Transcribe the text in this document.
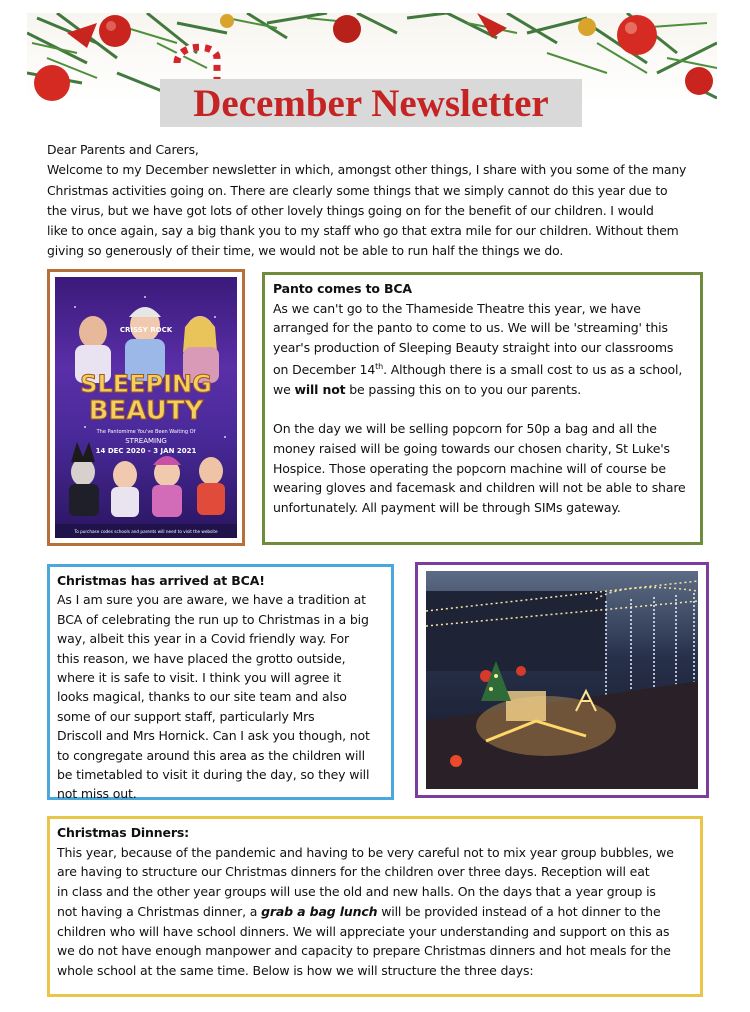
December Newsletter

Dear Parents and Carers,

Welcome to my December newsletter in which, amongst other things, I share with you some of the many

Christmas activities going on. There are clearly some things that we simply cannot do this year due to

the virus, but we have got lots of other lovely things going on for the benefit of our children. I would

like to once again, say a big thank you to my staff who go that extra mile for our children. Without them

giving so generously of their time, we would not be able to run half the things we do.

SLEEPING
BEAUTY
CRISSY ROCK
The Pantomime You've Been Waiting Of
STREAMING
14 DEC 2020 - 3 JAN 2021
To purchase codes schools and parents will need to visit the website
Panto comes to BCA
As we can't go to the Thameside Theatre this year, we have
arranged for the panto to come to us. We will be 'streaming' this
year's production of Sleeping Beauty straight into our classrooms
on December 14th. Although there is a small cost to us as a school,
we will not be passing this on to you our parents.
On the day we will be selling popcorn for 50p a bag and all the
money raised will be going towards our chosen charity, St Luke's
Hospice. Those operating the popcorn machine will of course be
wearing gloves and facemask and children will not be able to share
unfortunately. All payment will be through SIMs gateway.
Christmas has arrived at BCA!
As I am sure you are aware, we have a tradition at
BCA of celebrating the run up to Christmas in a big
way, albeit this year in a Covid friendly way. For
this reason, we have placed the grotto outside,
where it is safe to visit. I think you will agree it
looks magical, thanks to our site team and also
some of our support staff, particularly Mrs
Driscoll and Mrs Hornick. Can I ask you though, not
to congregate around this area as the children will
be timetabled to visit it during the day, so they will
not miss out.
Christmas Dinners:
This year, because of the pandemic and having to be very careful not to mix year group bubbles, we
are having to structure our Christmas dinners for the children over three days. Reception will eat
in class and the other year groups will use the old and new halls. On the days that a year group is
not having a Christmas dinner, a grab a bag lunch will be provided instead of a hot dinner to the
children who will have school dinners. We will appreciate your understanding and support on this as
we do not have enough manpower and capacity to prepare Christmas dinners and hot meals for the
whole school at the same time. Below is how we will structure the three days:
